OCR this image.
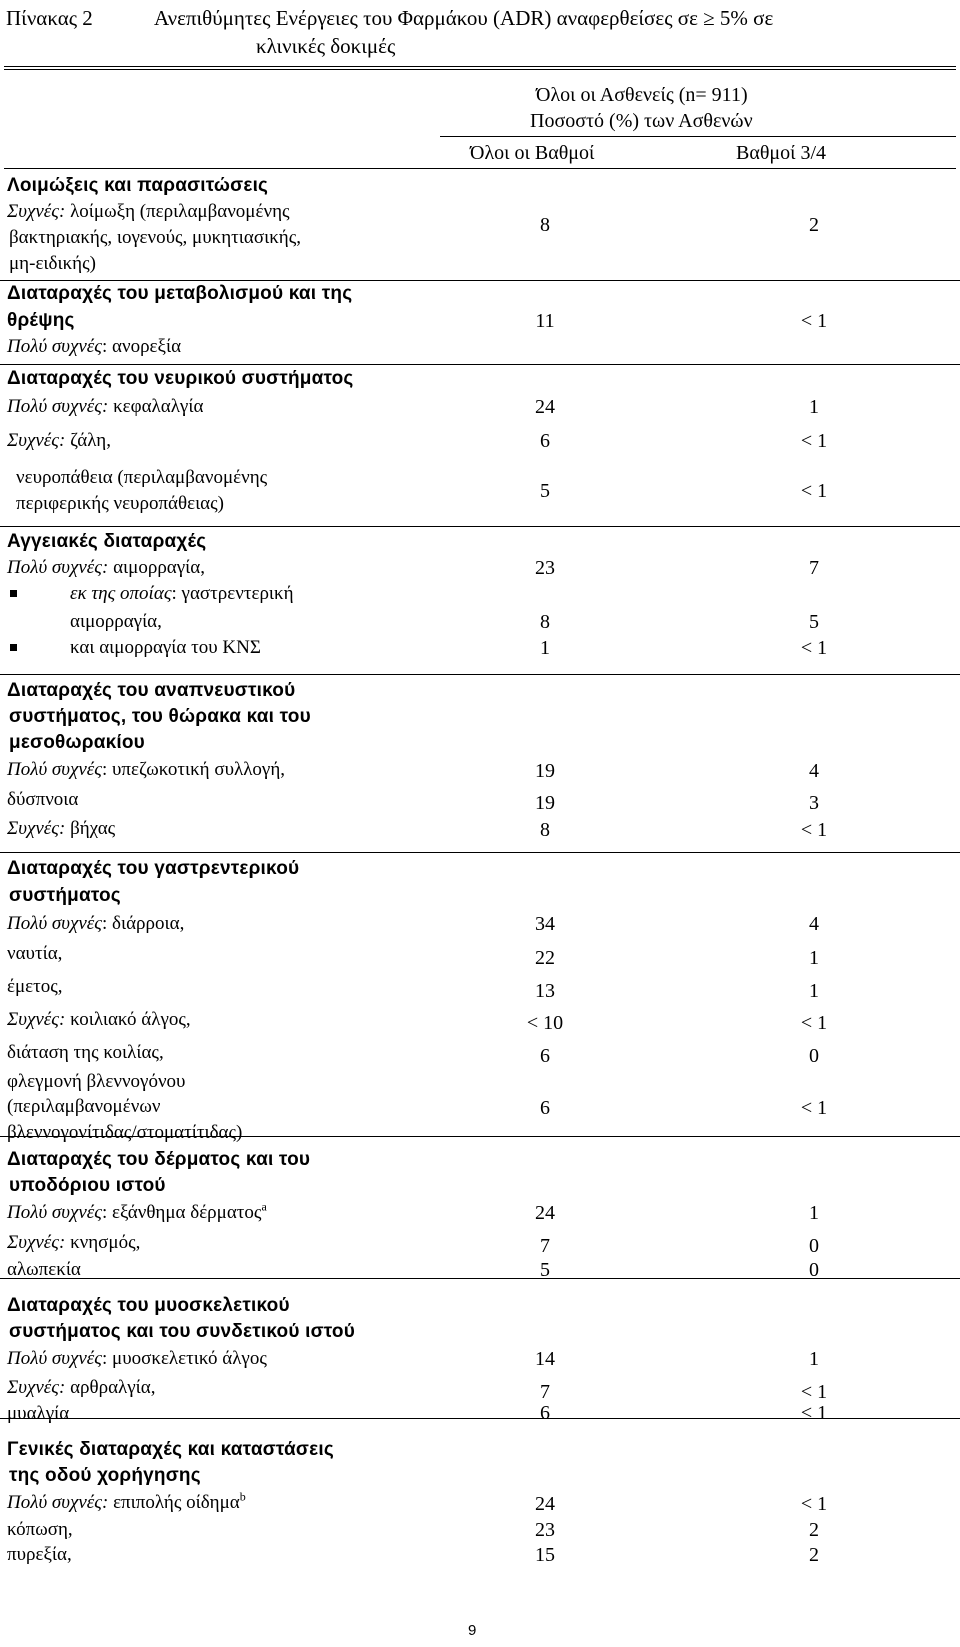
Πίνακας 2	Ανεπιθύμητες Ενέργειες του Φαρμάκου (ADR) αναφερθείσες σε ≥ 5% σε
κλινικές δοκιμές
Όλοι οι Ασθενείς (n= 911)
Ποσοστό (%) των Ασθενών
Όλοι οι Βαθμοί	Βαθμοί 3/4
Λοιμώξεις και παρασιτώσεις
Συχνές: λοίμωξη (περιλαμβανομένης
βακτηριακής, ιογενούς, μυκητιασικής,
μη-ειδικής)
8	2
Διαταραχές του μεταβολισμού και της
θρέψης
Πολύ συχνές: ανορεξία
11	< 1
Διαταραχές του νευρικού συστήματος
Πολύ συχνές: κεφαλαλγία	24	1
Συχνές: ζάλη,	6	< 1
νευροπάθεια (περιλαμβανομένης
περιφερικής νευροπάθειας)
5	< 1
Αγγειακές διαταραχές
Πολύ συχνές: αιμορραγία,	23	7
εκ της οποίας: γαστρεντερική
αιμορραγία,	8	5
και αιμορραγία του ΚΝΣ	1	< 1
Διαταραχές του αναπνευστικού
συστήματος, του θώρακα και του
μεσοθωρακίου
Πολύ συχνές: υπεζωκοτική συλλογή,	19	4
δύσπνοια	19	3
Συχνές: βήχας	8	< 1
Διαταραχές του γαστρεντερικού
συστήματος
Πολύ συχνές: διάρροια,	34	4
ναυτία,	22	1
έμετος,	13	1
Συχνές: κοιλιακό άλγος,	< 10	< 1
διάταση της κοιλίας,	6	0
φλεγμονή βλεννογόνου
(περιλαμβανομένων
βλεννογονίτιδας/στοματίτιδας)
6	< 1
Διαταραχές του δέρματος και του
υποδόριου ιστού
Πολύ συχνές: εξάνθημα δέρματος$^a$	24	1
Συχνές: κνησμός,	7	0
αλωπεκία	5	0
Διαταραχές του μυοσκελετικού
συστήματος και του συνδετικού ιστού
Πολύ συχνές: μυοσκελετικό άλγος	14	1
Συχνές: αρθραλγία,	7	< 1
μυαλγία	6	< 1
Γενικές διαταραχές και καταστάσεις
της οδού χορήγησης
Πολύ συχνές: επιπολής οίδημα$^b$	24	< 1
κόπωση,	23	2
πυρεξία,	15	2
9
